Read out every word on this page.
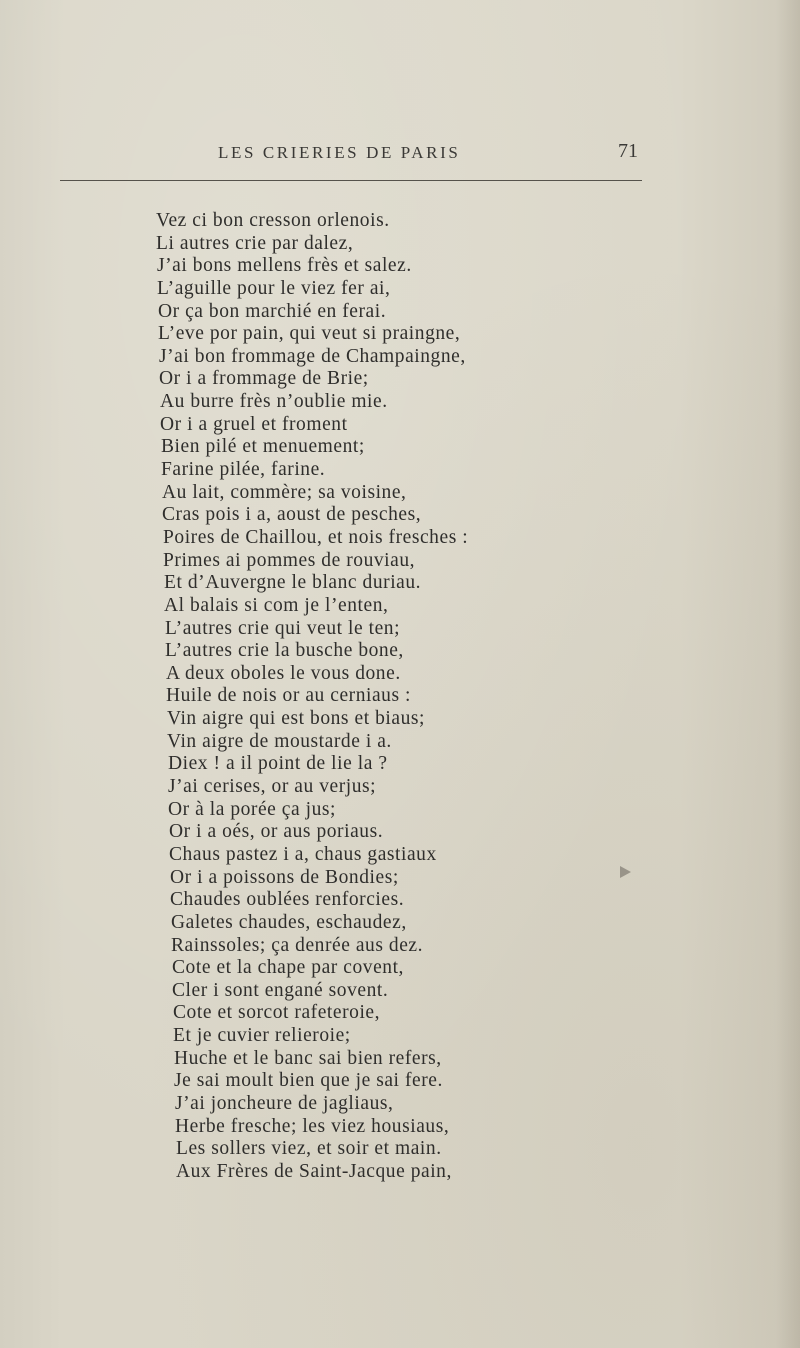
LES CRIERIES DE PARIS	71
Vez ci bon cresson orlenois.
Li autres crie par dalez,
J’ai bons mellens frès et salez.
L’aguille pour le viez fer ai,
Or ça bon marchié en ferai.
L’eve por pain, qui veut si praingne,
J’ai bon frommage de Champaingne,
Or i a frommage de Brie;
Au burre frès n’oublie mie.
Or i a gruel et froment
Bien pilé et menuement;
Farine pilée, farine.
Au lait, commère; sa voisine,
Cras pois i a, aoust de pesches,
Poires de Chaillou, et nois fresches :
Primes ai pommes de rouviau,
Et d’Auvergne le blanc duriau.
Al balais si com je l’enten,
L’autres crie qui veut le ten;
L’autres crie la busche bone,
A deux oboles le vous done.
Huile de nois or au cerniaus :
Vin aigre qui est bons et biaus;
Vin aigre de moustarde i a.
Diex ! a il point de lie la ?
J’ai cerises, or au verjus;
Or à la porée ça jus;
Or i a oés, or aus poriaus.
Chaus pastez i a, chaus gastiaux
Or i a poissons de Bondies;
Chaudes oublées renforcies.
Galetes chaudes, eschaudez,
Rainssoles; ça denrée aus dez.
Cote et la chape par covent,
Cler i sont engané sovent.
Cote et sorcot rafeteroie,
Et je cuvier relieroie;
Huche et le banc sai bien refers,
Je sai moult bien que je sai fere.
J’ai joncheure de jagliaus,
Herbe fresche; les viez housiaus,
Les sollers viez, et soir et main.
Aux Frères de Saint-Jacque pain,
